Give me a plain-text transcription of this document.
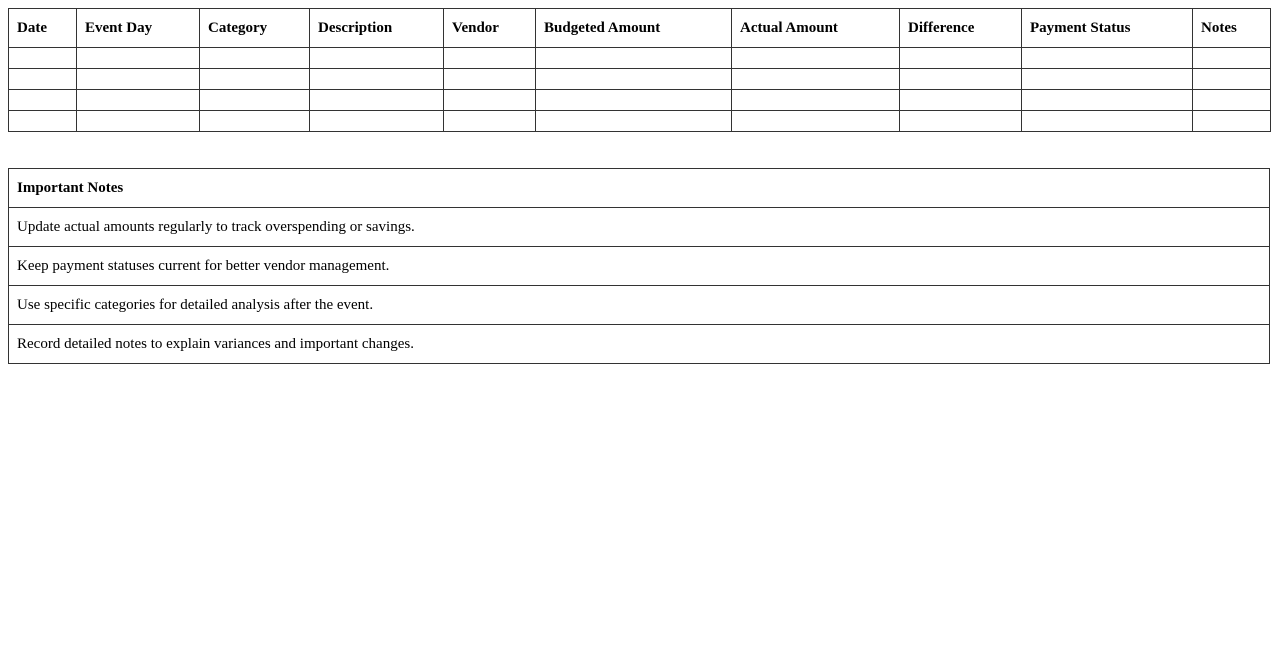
Date	Event Day	Category	Description	Vendor	Budgeted Amount	Actual Amount	Difference	Payment Status	Notes

Important Notes
Update actual amounts regularly to track overspending or savings.
Keep payment statuses current for better vendor management.
Use specific categories for detailed analysis after the event.
Record detailed notes to explain variances and important changes.
